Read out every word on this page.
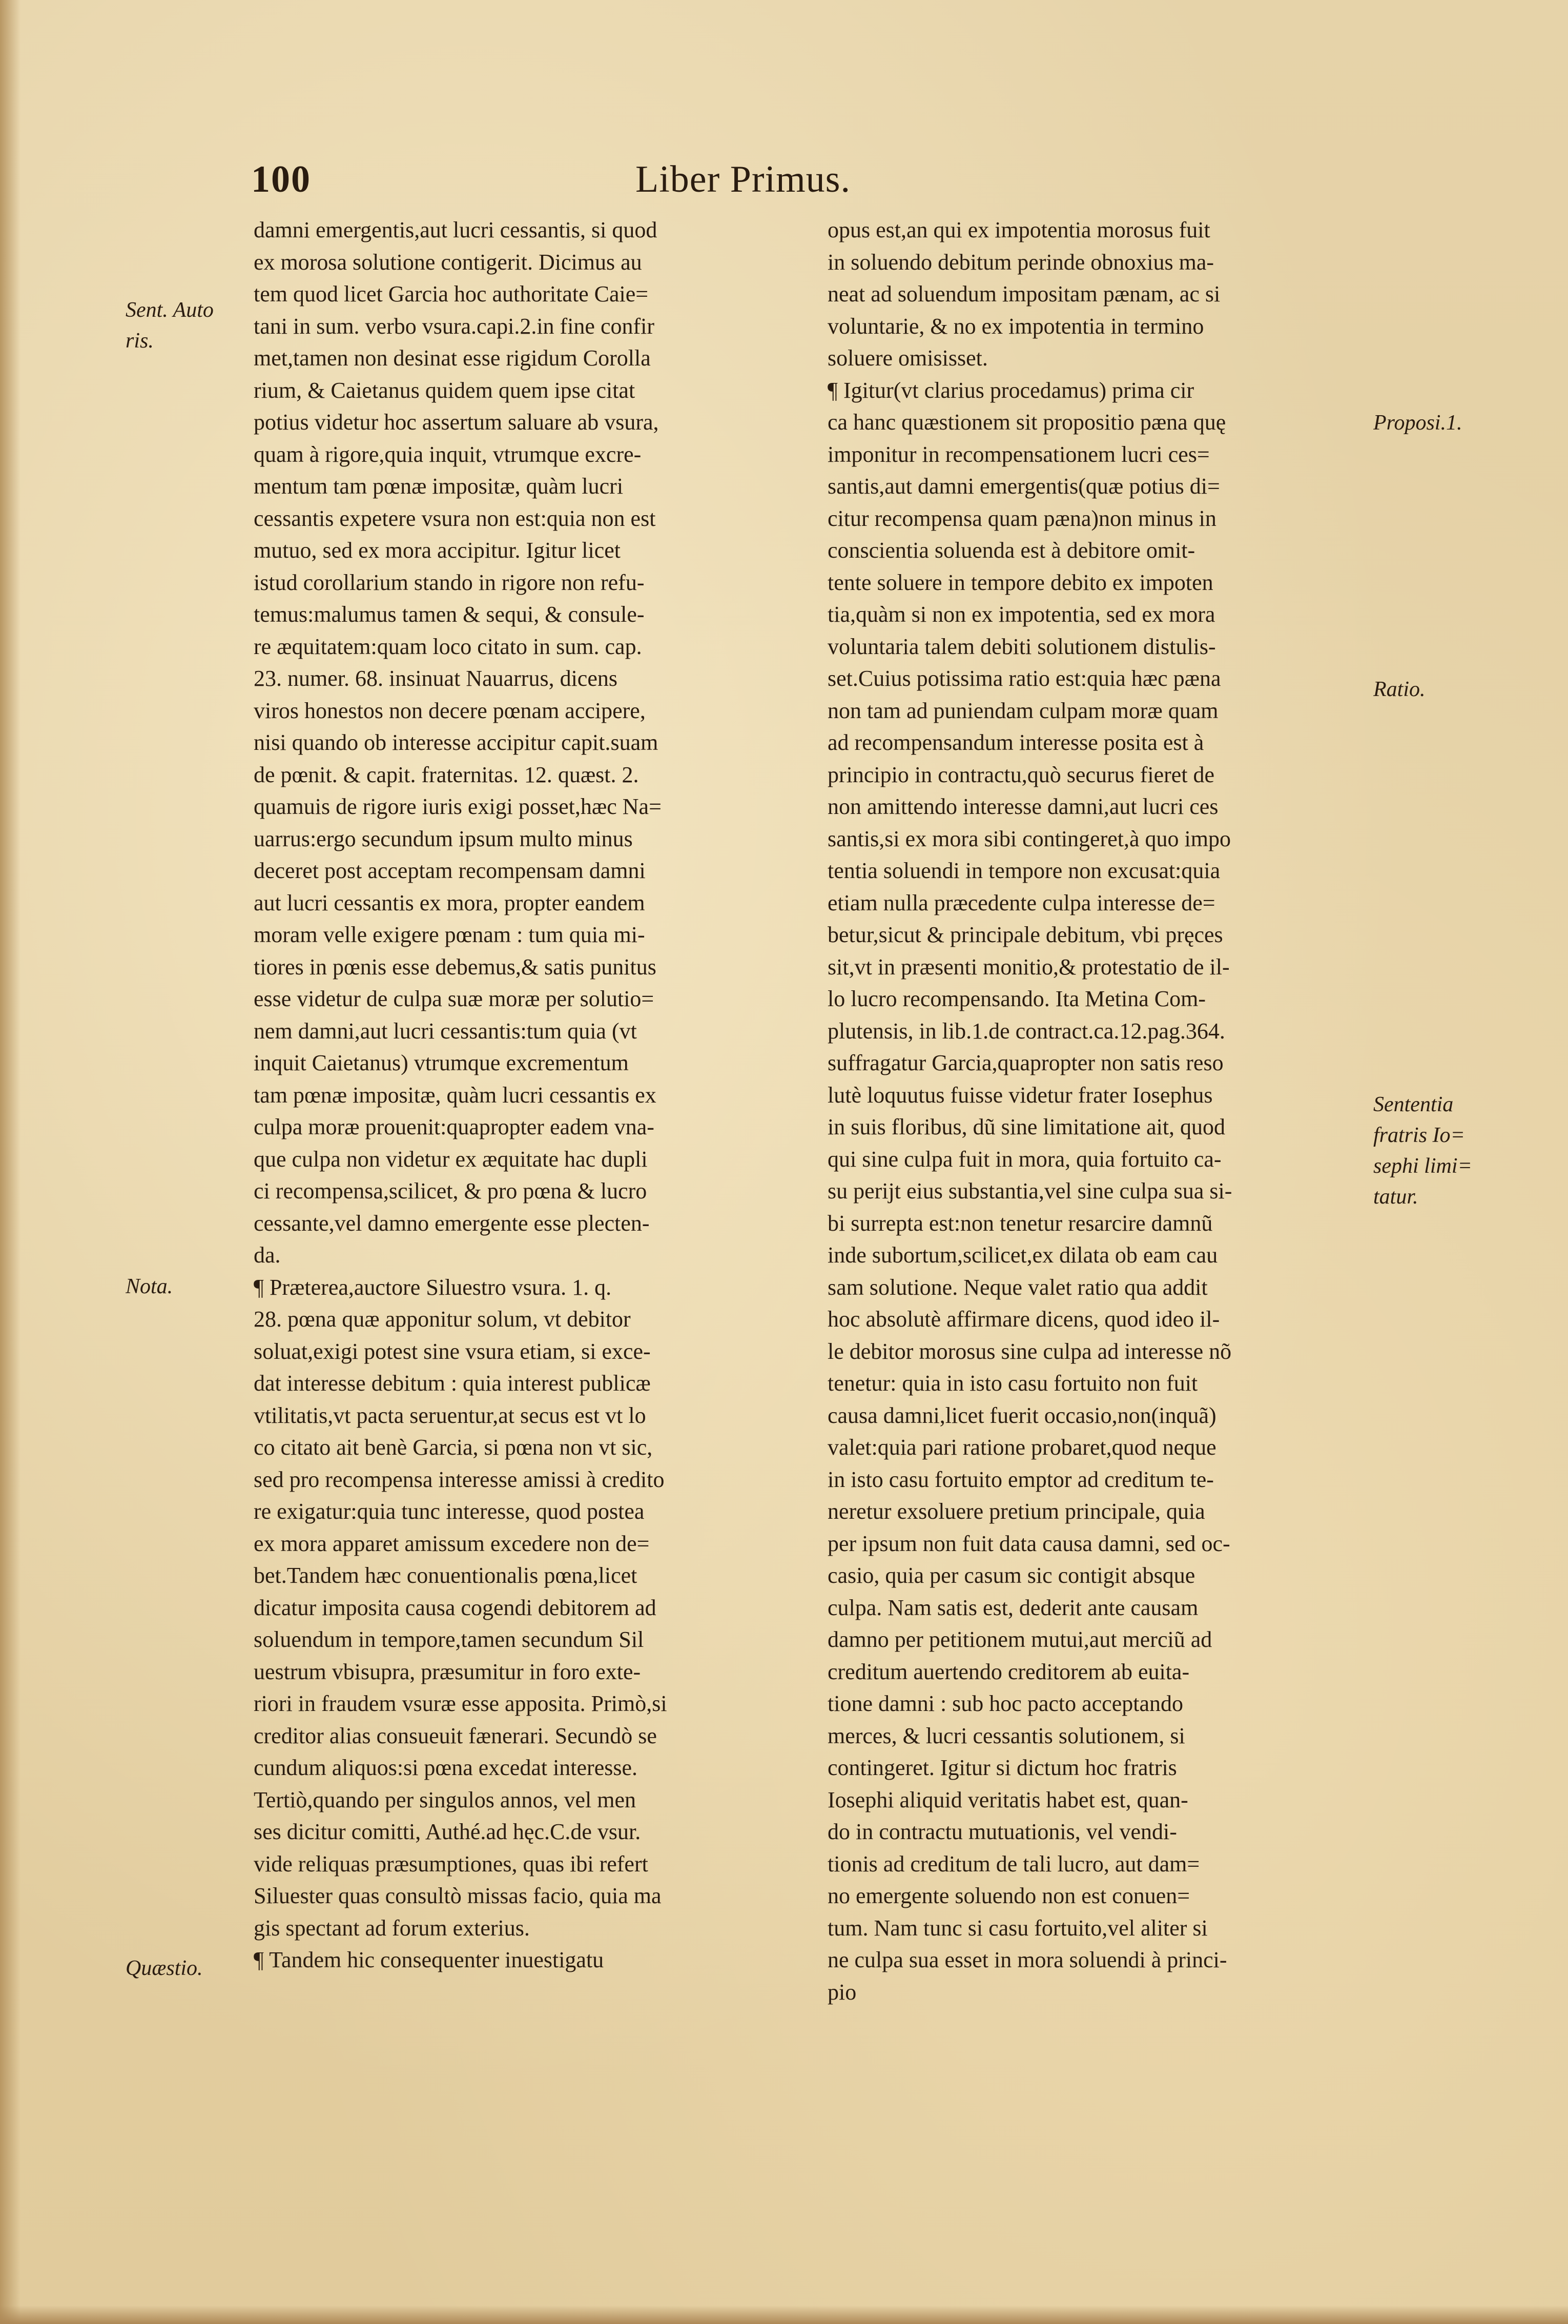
100	Liber Primus.
damni emergentis,aut lucri cessantis, si quod
ex morosa solutione contigerit. Dicimus au
tem quod licet Garcia hoc authoritate Caie=
tani in sum. verbo vsura.capi.2.in fine confir
met,tamen non desinat esse rigidum Corolla
rium, & Caietanus quidem quem ipse citat
potius videtur hoc assertum saluare ab vsura,
quam à rigore,quia inquit, vtrumque excre-
mentum tam pœnæ impositæ, quàm lucri
cessantis expetere vsura non est:quia non est
mutuo, sed ex mora accipitur. Igitur licet
istud corollarium stando in rigore non refu-
temus:malumus tamen & sequi, & consule-
re æquitatem:quam loco citato in sum. cap.
23. numer. 68. insinuat Nauarrus, dicens
viros honestos non decere pœnam accipere,
nisi quando ob interesse accipitur capit.suam
de pœnit. & capit. fraternitas. 12. quæst. 2.
quamuis de rigore iuris exigi posset,hæc Na=
uarrus:ergo secundum ipsum multo minus
deceret post acceptam recompensam damni
aut lucri cessantis ex mora, propter eandem
moram velle exigere pœnam : tum quia mi-
tiores in pœnis esse debemus,& satis punitus
esse videtur de culpa suæ moræ per solutio=
nem damni,aut lucri cessantis:tum quia (vt
inquit Caietanus) vtrumque excrementum
tam pœnæ impositæ, quàm lucri cessantis ex
culpa moræ prouenit:quapropter eadem vna-
que culpa non videtur ex æquitate hac dupli
ci recompensa,scilicet, & pro pœna & lucro
cessante,vel damno emergente esse plecten-
da.
¶ Præterea,auctore Siluestro vsura. 1. q.
28. pœna quæ apponitur solum, vt debitor
soluat,exigi potest sine vsura etiam, si exce-
dat interesse debitum : quia interest publicæ
vtilitatis,vt pacta seruentur,at secus est vt lo
co citato ait benè Garcia, si pœna non vt sic,
sed pro recompensa interesse amissi à credito
re exigatur:quia tunc interesse, quod postea
ex mora apparet amissum excedere non de=
bet.Tandem hæc conuentionalis pœna,licet
dicatur imposita causa cogendi debitorem ad
soluendum in tempore,tamen secundum Sil
uestrum vbisupra, præsumitur in foro exte-
riori in fraudem vsuræ esse apposita. Primò,si
creditor alias consueuit fænerari. Secundò se
cundum aliquos:si pœna excedat interesse.
Tertiò,quando per singulos annos, vel men
ses dicitur comitti, Authé.ad hęc.C.de vsur.
vide reliquas præsumptiones, quas ibi refert
Siluester quas consultò missas facio, quia ma
gis spectant ad forum exterius.
¶ Tandem hic consequenter inuestigatu
opus est,an qui ex impotentia morosus fuit
in soluendo debitum perinde obnoxius ma-
neat ad soluendum impositam pænam, ac si
voluntarie, & no ex impotentia in termino
soluere omisisset.
¶ Igitur(vt clarius procedamus) prima cir
ca hanc quæstionem sit propositio pæna quę
imponitur in recompensationem lucri ces=
santis,aut damni emergentis(quæ potius di=
citur recompensa quam pæna)non minus in
conscientia soluenda est à debitore omit-
tente soluere in tempore debito ex impoten
tia,quàm si non ex impotentia, sed ex mora
voluntaria talem debiti solutionem distulis-
set.Cuius potissima ratio est:quia hæc pæna
non tam ad puniendam culpam moræ quam
ad recompensandum interesse posita est à
principio in contractu,quò securus fieret de
non amittendo interesse damni,aut lucri ces
santis,si ex mora sibi contingeret,à quo impo
tentia soluendi in tempore non excusat:quia
etiam nulla præcedente culpa interesse de=
betur,sicut & principale debitum, vbi pręces
sit,vt in præsenti monitio,& protestatio de il-
lo lucro recompensando. Ita Metina Com-
plutensis, in lib.1.de contract.ca.12.pag.364.
suffragatur Garcia,quapropter non satis reso
lutè loquutus fuisse videtur frater Iosephus
in suis floribus, dũ sine limitatione ait, quod
qui sine culpa fuit in mora, quia fortuito ca-
su perijt eius substantia,vel sine culpa sua si-
bi surrepta est:non tenetur resarcire damnũ
inde subortum,scilicet,ex dilata ob eam cau
sam solutione. Neque valet ratio qua addit
hoc absolutè affirmare dicens, quod ideo il-
le debitor morosus sine culpa ad interesse nõ
tenetur: quia in isto casu fortuito non fuit
causa damni,licet fuerit occasio,non(inquã)
valet:quia pari ratione probaret,quod neque
in isto casu fortuito emptor ad creditum te-
neretur exsoluere pretium principale, quia
per ipsum non fuit data causa damni, sed oc-
casio, quia per casum sic contigit absque
culpa. Nam satis est, dederit ante causam
damno per petitionem mutui,aut merciũ ad
creditum auertendo creditorem ab euita-
tione damni : sub hoc pacto acceptando
merces, & lucri cessantis solutionem, si
contingeret. Igitur si dictum hoc fratris
Iosephi aliquid veritatis habet est, quan-
do in contractu mutuationis, vel vendi-
tionis ad creditum de tali lucro, aut dam=
no emergente soluendo non est conuen=
tum. Nam tunc si casu fortuito,vel aliter si
ne culpa sua esset in mora soluendi à princi-
pio
Sent. Auto
ris.
Nota.
Quæstio.
Proposi.1.
Ratio.
Sententia
fratris Io=
sephi limi=
tatur.
